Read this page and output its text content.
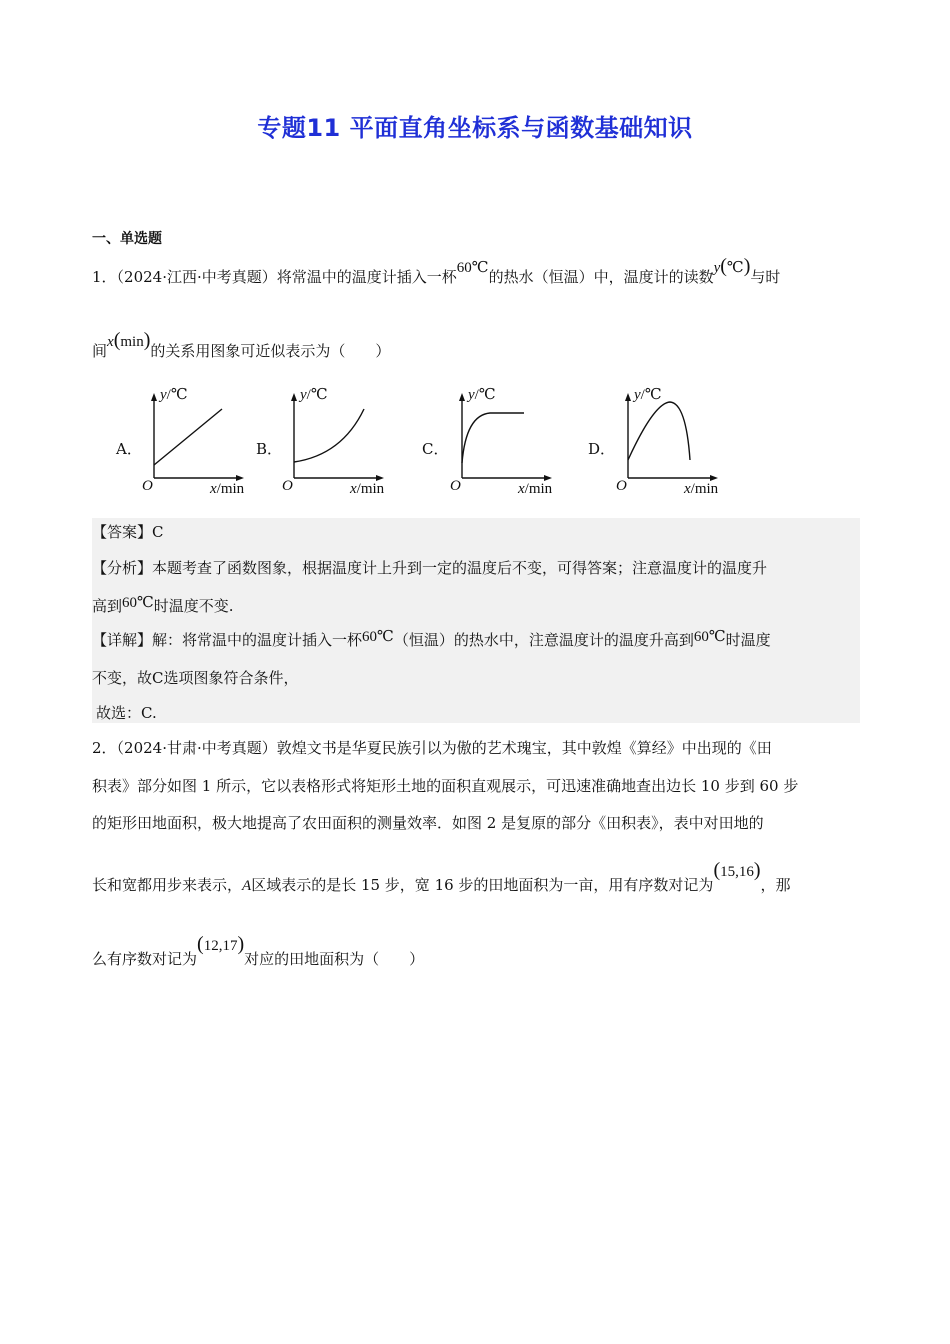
专题11 平面直角坐标系与函数基础知识
一、单选题
1．（2024·江西·中考真题）将常温中的温度计插入一杯60℃的热水（恒温）中，温度计的读数y(℃)与时
间x(min)的关系用图象可近似表示为（　　）
A．
y/℃
O	x/min
B．
y/℃
O	x/min
C．
y/℃
O	x/min
D．
y/℃
O	x/min
【答案】C
【分析】本题考查了函数图象，根据温度计上升到一定的温度后不变，可得答案；注意温度计的温度升
高到60℃时温度不变.
【详解】解：将常温中的温度计插入一杯60℃（恒温）的热水中，注意温度计的温度升高到60℃时温度
不变，故C选项图象符合条件，
故选：C.
2．（2024·甘肃·中考真题）敦煌文书是华夏民族引以为傲的艺术瑰宝，其中敦煌《算经》中出现的《田
积表》部分如图 1 所示，它以表格形式将矩形土地的面积直观展示，可迅速准确地查出边长 10 步到 60 步
的矩形田地面积，极大地提高了农田面积的测量效率．如图 2 是复原的部分《田积表》，表中对田地的
长和宽都用步来表示，A区域表示的是长 15 步，宽 16 步的田地面积为一亩，用有序数对记为(15,16)，那
么有序数对记为(12,17)对应的田地面积为（　　）
